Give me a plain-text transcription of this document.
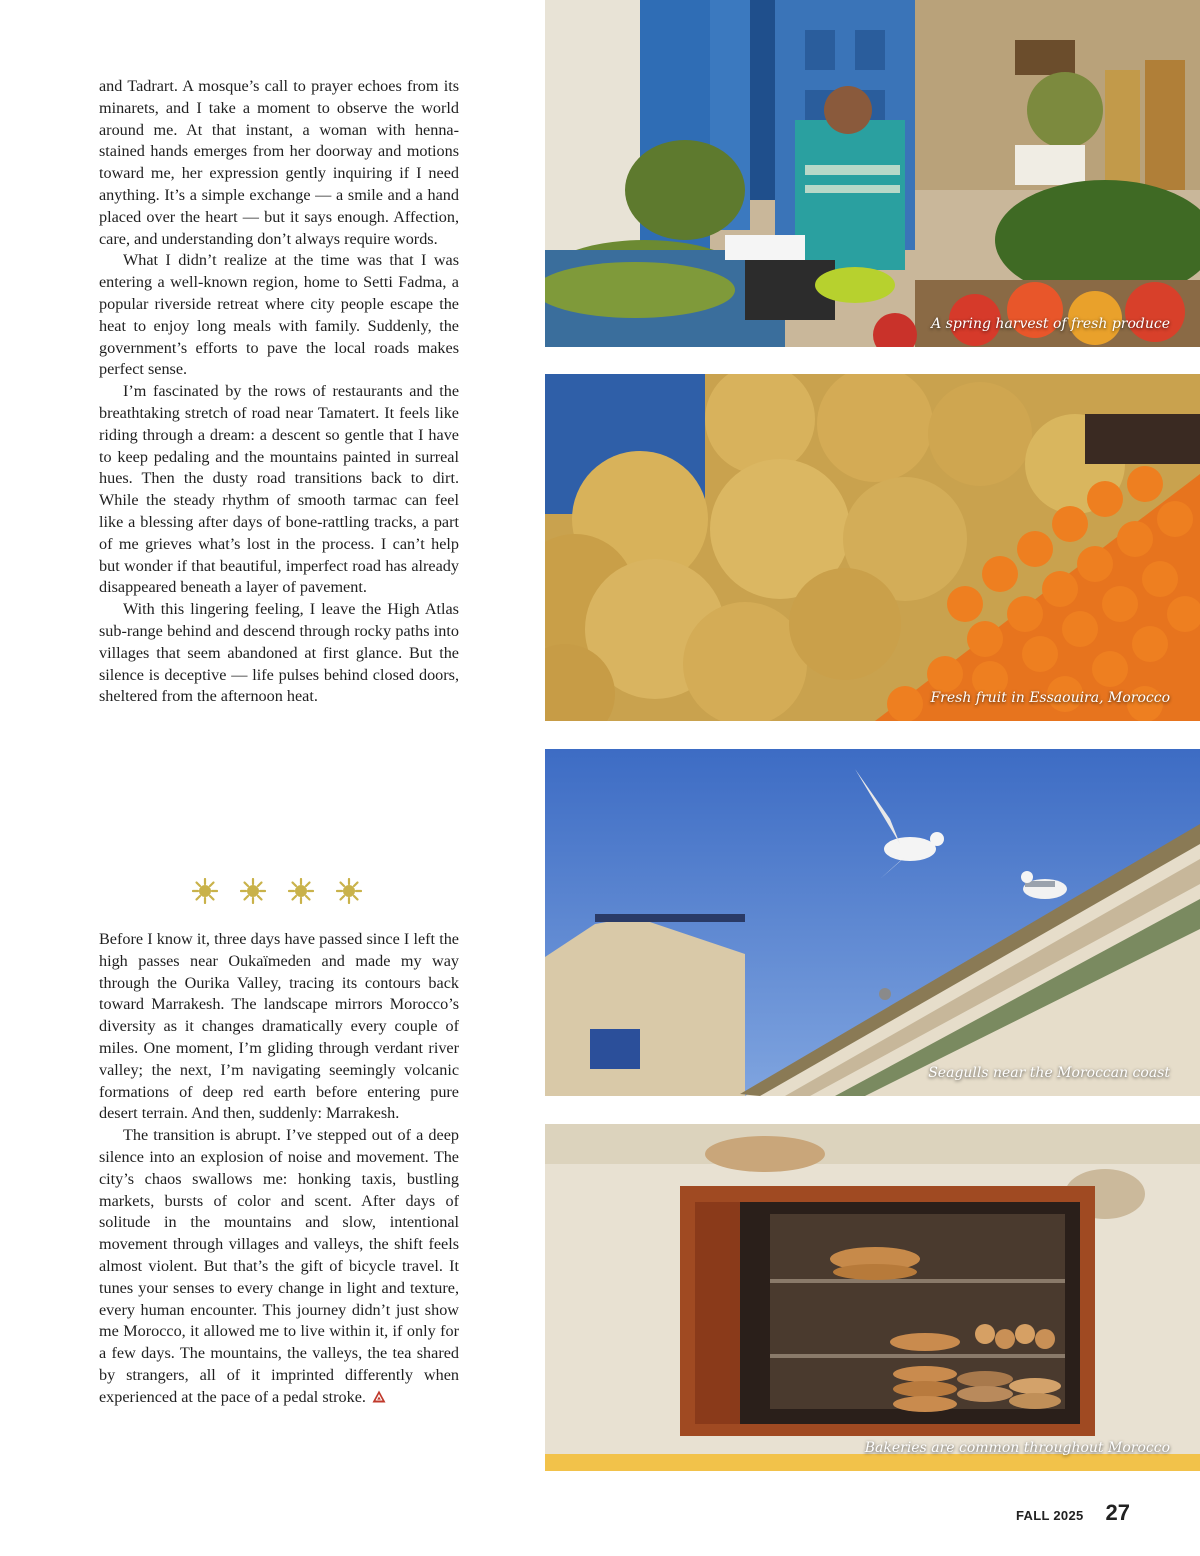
and Tadrart. A mosque’s call to prayer echoes from its minarets, and I take a moment to observe the world around me. At that instant, a woman with henna-stained hands emerges from her doorway and motions toward me, her expression gently inquiring if I need anything. It’s a simple exchange — a smile and a hand placed over the heart — but it says enough. Affection, care, and understanding don’t always require words.

What I didn’t realize at the time was that I was entering a well-known region, home to Setti Fadma, a popular riverside retreat where city people escape the heat to enjoy long meals with family. Suddenly, the government’s efforts to pave the local roads makes perfect sense.

I’m fascinated by the rows of restaurants and the breathtaking stretch of road near Tamatert. It feels like riding through a dream: a descent so gentle that I have to keep pedaling and the mountains painted in surreal hues. Then the dusty road transitions back to dirt. While the steady rhythm of smooth tarmac can feel like a blessing after days of bone-rattling tracks, a part of me grieves what’s lost in the process. I can’t help but wonder if that beautiful, imperfect road has already disappeared beneath a layer of pavement.

With this lingering feeling, I leave the High Atlas sub-range behind and descend through rocky paths into villages that seem abandoned at first glance. But the silence is deceptive — life pulses behind closed doors, sheltered from the afternoon heat.

Before I know it, three days have passed since I left the high passes near Oukaïmeden and made my way through the Ourika Valley, tracing its contours back toward Marrakesh. The landscape mirrors Morocco’s diversity as it changes dramatically every couple of miles. One moment, I’m gliding through verdant river valley; the next, I’m navigating seemingly volcanic formations of deep red earth before entering pure desert terrain. And then, suddenly: Marrakesh.

The transition is abrupt. I’ve stepped out of a deep silence into an explosion of noise and movement. The city’s chaos swallows me: honking taxis, bustling markets, bursts of color and scent. After days of solitude in the mountains and slow, intentional movement through villages and valleys, the shift feels almost violent. But that’s the gift of bicycle travel. It tunes your senses to every change in light and texture, every human encounter. This journey didn’t just show me Morocco, it allowed me to live within it, if only for a few days. The mountains, the valleys, the tea shared by strangers, all of it imprinted differently when experienced at the pace of a pedal stroke.

A spring harvest of fresh produce
Fresh fruit in Essaouira, Morocco
Seagulls near the Moroccan coast
Bakeries are common throughout Morocco
FALL 2025 27
